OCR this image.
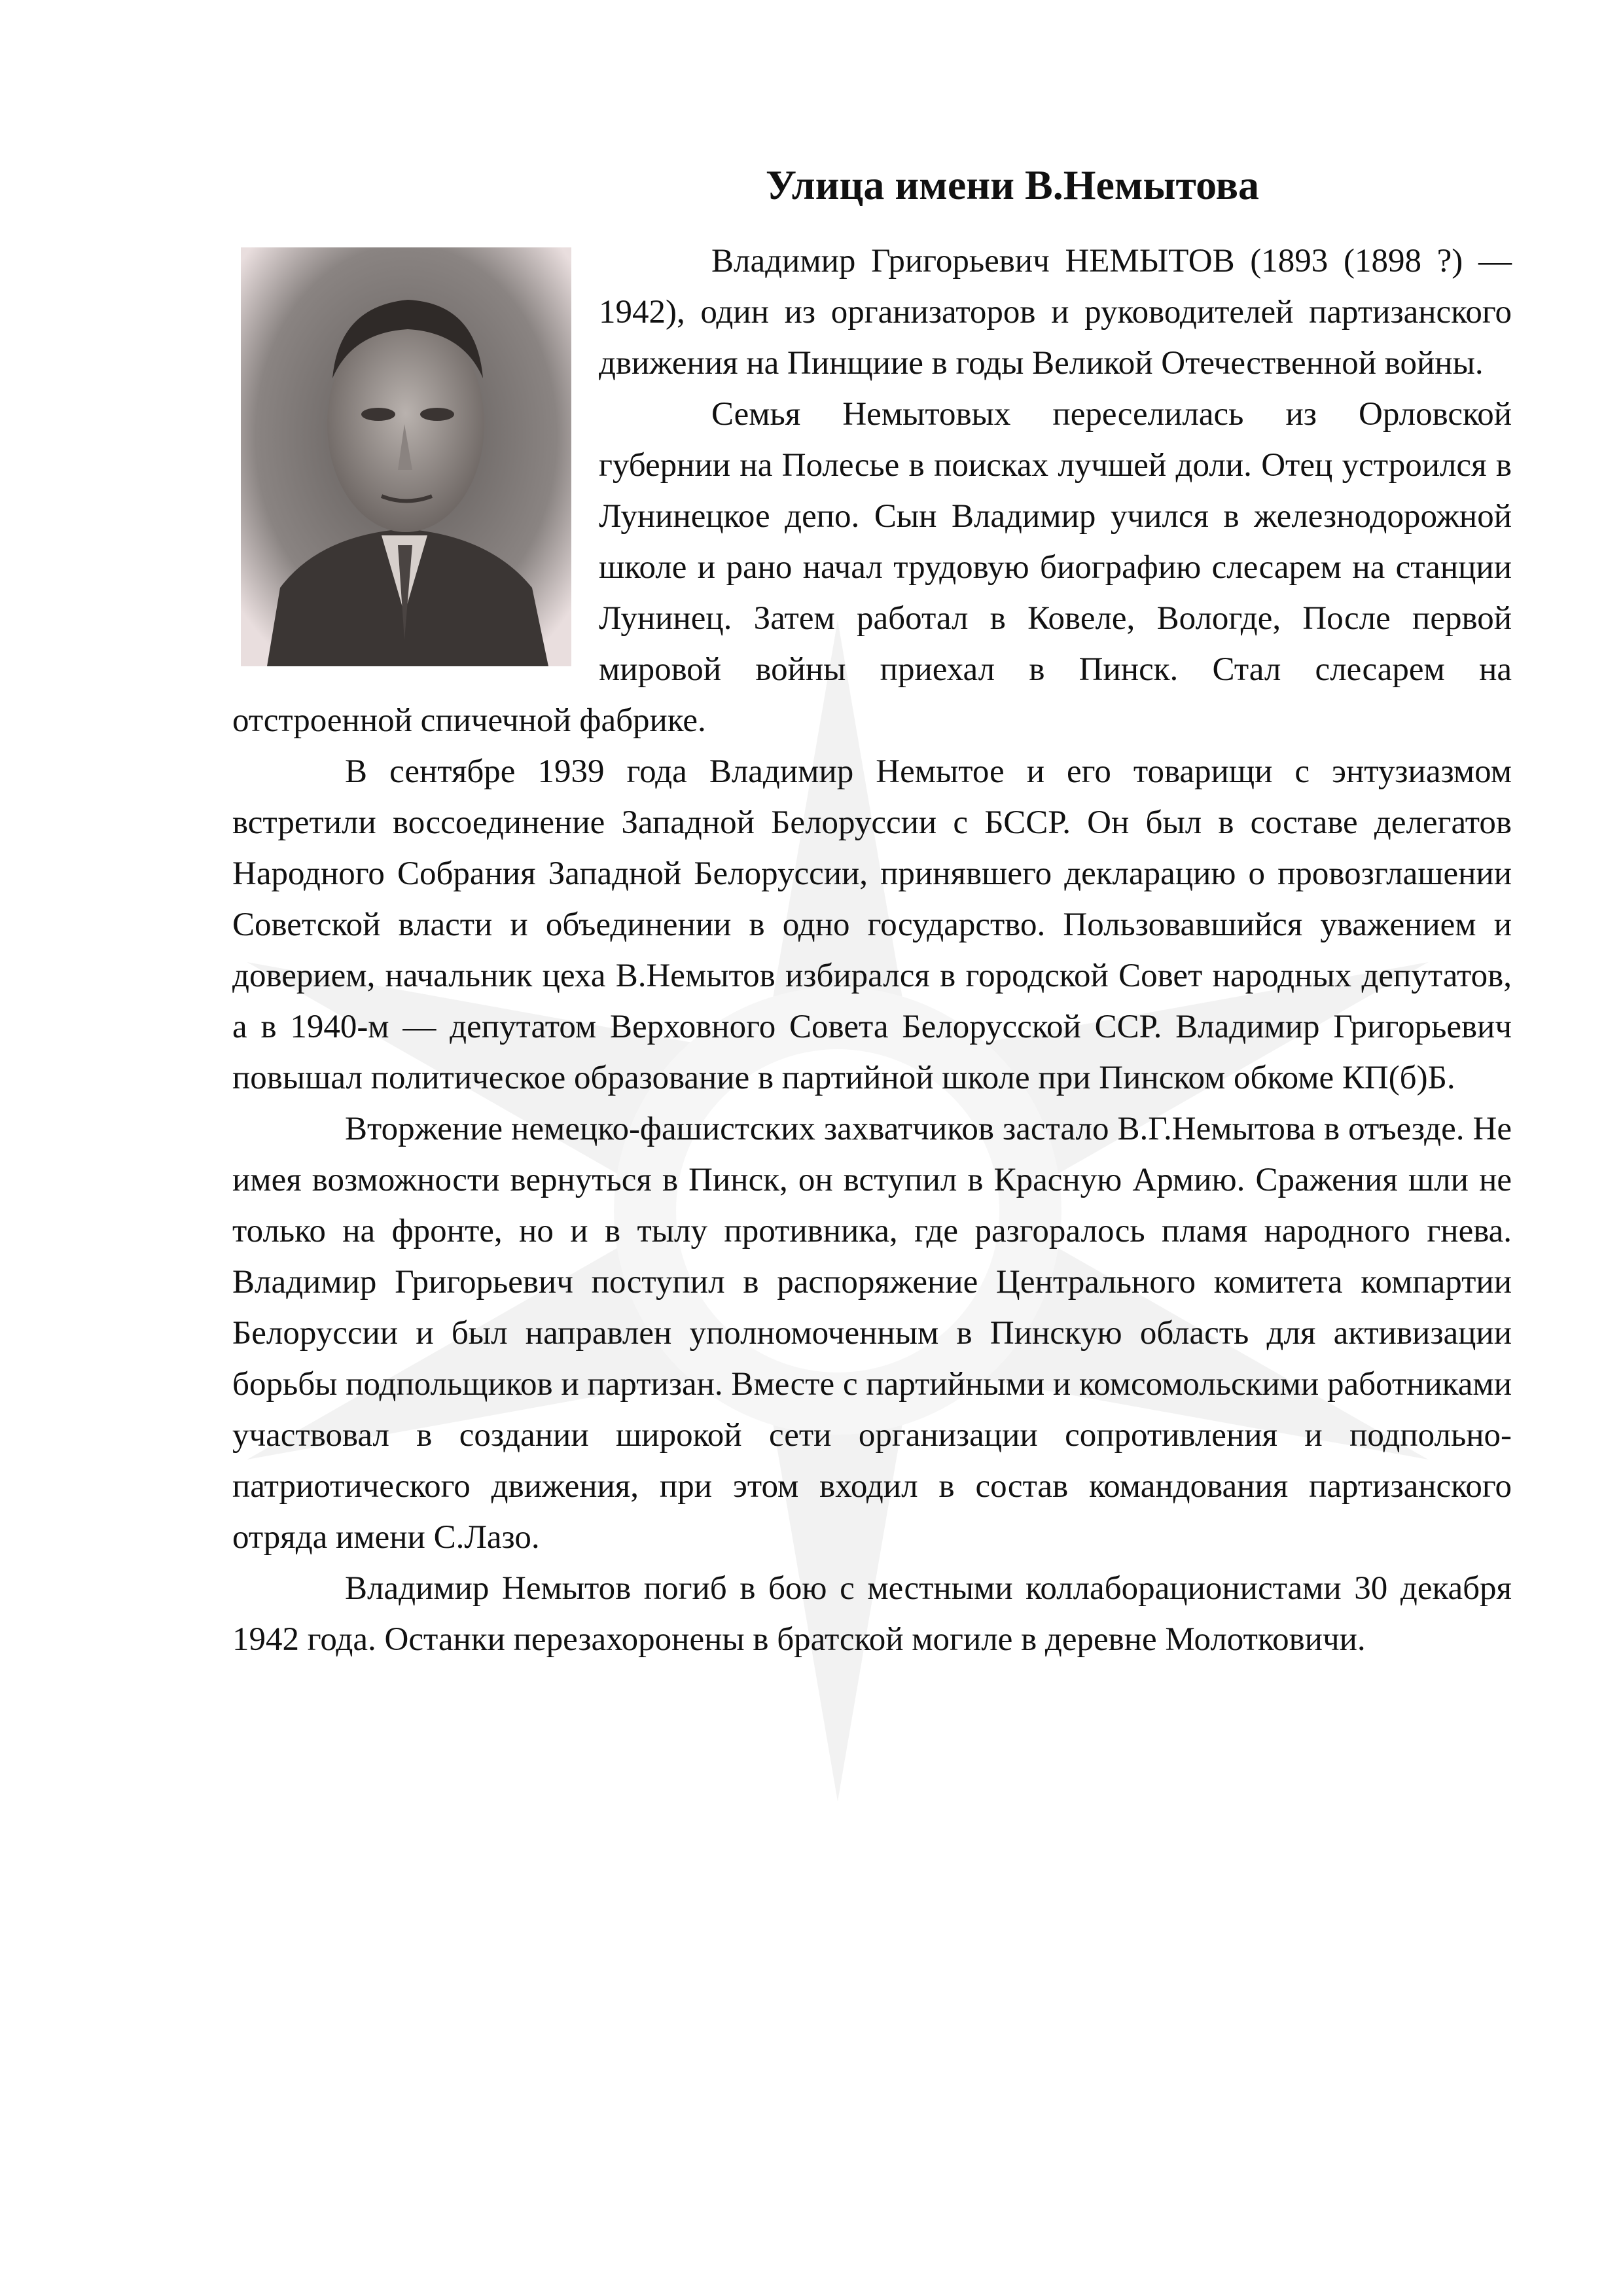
Улица имени В.Немытова

Владимир Григорьевич НЕМЫТОВ (1893 (1898 ?) — 1942), один из организаторов и руководителей партизанского движения на Пинщиие в годы Великой Отечественной войны.

Семья Немытовых переселилась из Орловской губернии на Полесье в поисках лучшей доли. Отец устроился в Лунинецкое депо. Сын Владимир учился в железнодорожной школе и рано начал трудовую биографию слесарем на станции Лунинец. Затем работал в Ковеле, Вологде, После первой мировой войны приехал в Пинск. Стал слесарем на отстроенной спичечной фабрике.

В сентябре 1939 года Владимир Немытое и его товарищи с энтузиазмом встретили воссоединение Западной Белоруссии с БССР. Он был в составе делегатов Народного Собрания Западной Белоруссии, принявшего декларацию о провозглашении Советской власти и объединении в одно государство. Пользовавшийся уважением и доверием, начальник цеха В.Немытов избирался в городской Совет народных депутатов, а в 1940-м — депутатом Верховного Совета Белорусской ССР. Владимир Григорьевич повышал политическое образование в партийной школе при Пинском обкоме КП(б)Б.

Вторжение немецко-фашистских захватчиков застало В.Г.Немытова в отъезде. Не имея возможности вернуться в Пинск, он вступил в Красную Армию. Сражения шли не только на фронте, но и в тылу противника, где разгоралось пламя народного гнева. Владимир Григорьевич поступил в распоряжение Центрального комитета компартии Белоруссии и был направлен уполномоченным в Пинскую область для активизации борьбы подпольщиков и партизан. Вместе с партийными и комсомольскими работниками участвовал в создании широкой сети организации сопротивления и подпольно-патриотического движения, при этом входил в состав командования партизанского отряда имени С.Лазо.

Владимир Немытов погиб в бою с местными коллаборационистами 30 декабря 1942 года. Останки перезахоронены в братской могиле в деревне Молотковичи.
